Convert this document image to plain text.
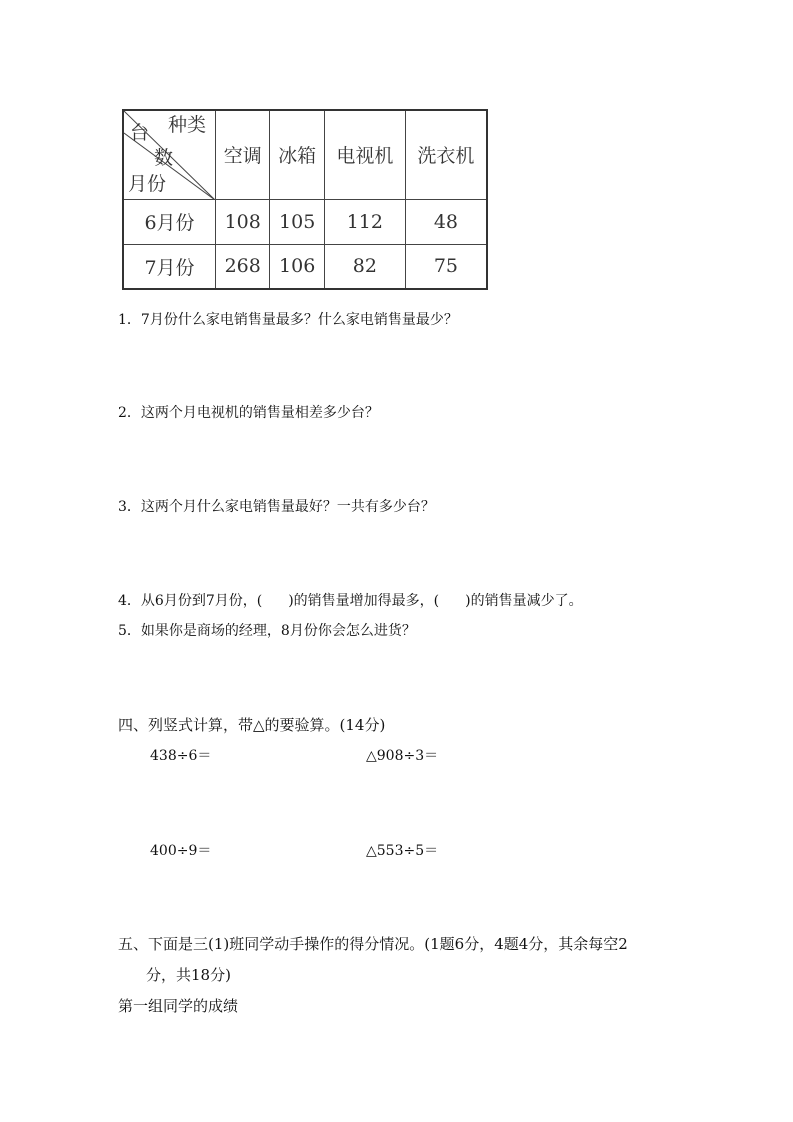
种类
台
数
月份	空调	冰箱	电视机	洗衣机
6月份	108	105	112	48
7月份	268	106	82	75
1．7月份什么家电销售量最多？什么家电销售量最少？
2．这两个月电视机的销售量相差多少台？
3．这两个月什么家电销售量最好？一共有多少台？
4．从6月份到7月份，( )的销售量增加得最多，( )的销售量减少了。
5．如果你是商场的经理，8月份你会怎么进货？
四、列竖式计算，带△的要验算。(14分)
438÷6＝	△908÷3＝
400÷9＝	△553÷5＝
五、下面是三(1)班同学动手操作的得分情况。(1题6分，4题4分，其余每空2
分，共18分)
第一组同学的成绩
